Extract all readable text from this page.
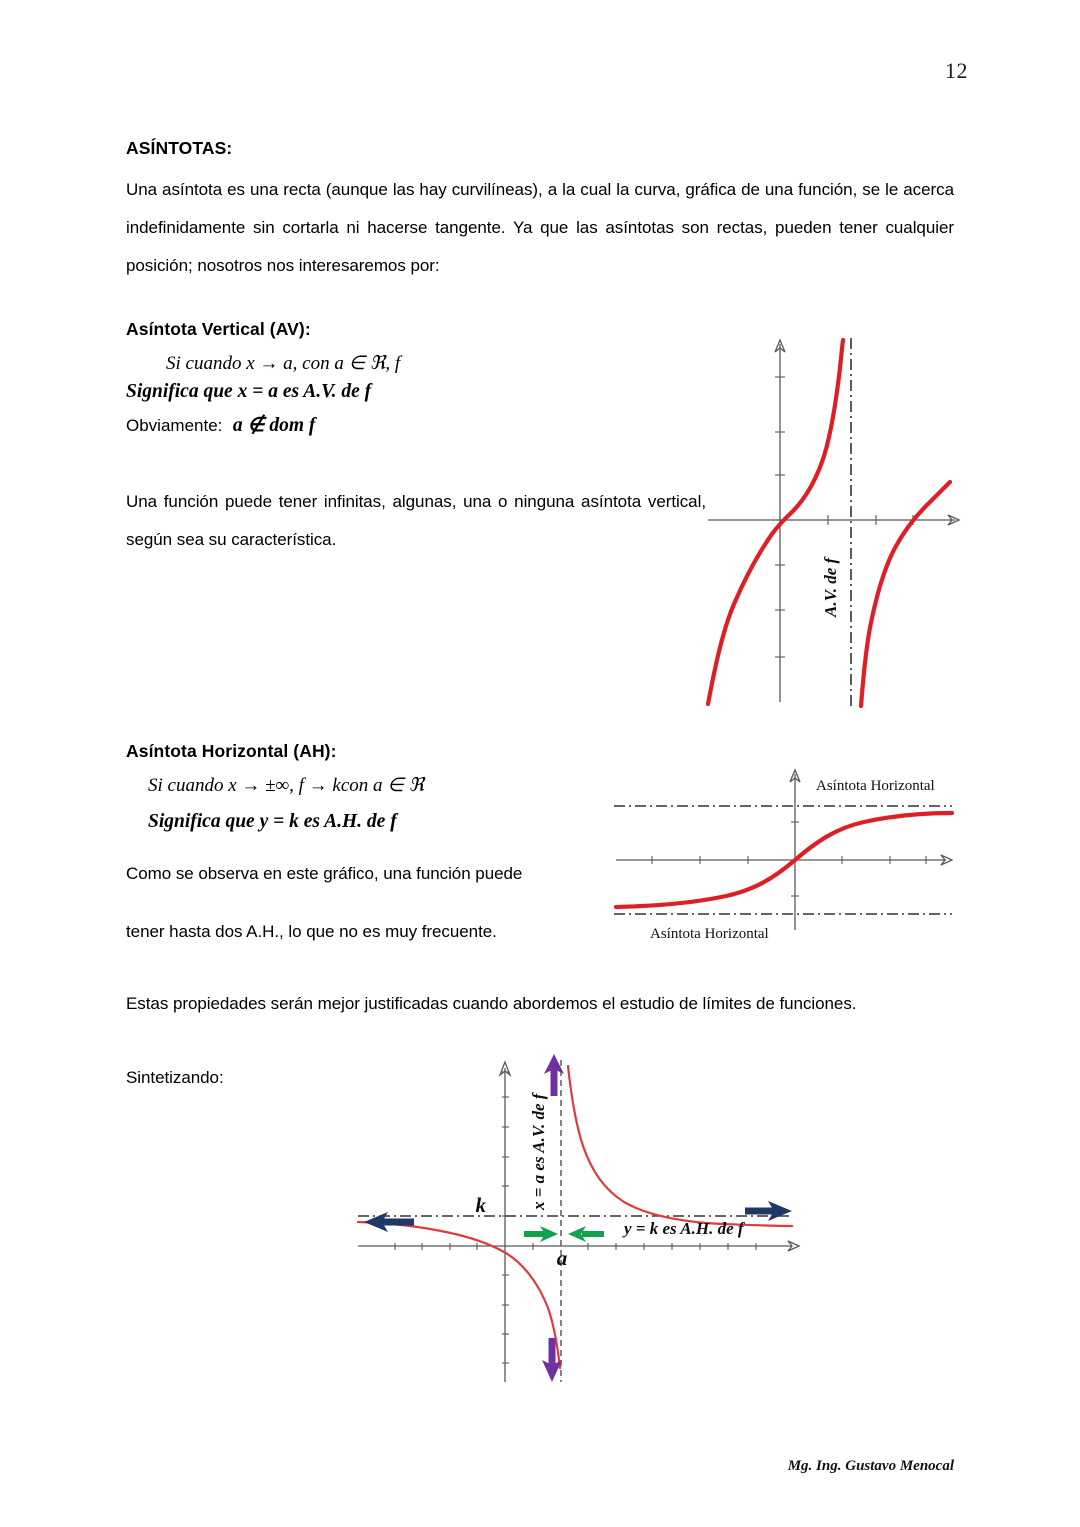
12
ASÍNTOTAS:

Una asíntota es una recta (aunque las hay curvilíneas), a la cual la curva, gráfica de una función, se le acerca indefinidamente sin cortarla ni hacerse tangente. Ya que las asíntotas son rectas, pueden tener cualquier posición; nosotros nos interesaremos por:

Asíntota Vertical (AV):
Si cuando x → a, con a ∈ ℜ, f
Significa que x = a es A.V. de f
Obviamente: a ∉ dom f

Una función puede tener infinitas, algunas, una o ninguna asíntota vertical, según sea su característica.

Asíntota Horizontal (AH):
Si cuando x → ±∞, f → kcon a ∈ ℜ
Significa que y = k es A.H. de f

Como se observa en este gráfico, una función puede

tener hasta dos A.H., lo que no es muy frecuente.

Estas propiedades serán mejor justificadas cuando abordemos el estudio de límites de funciones.

Sintetizando:

A.V. de f
Asíntota Horizontal
Asíntota Horizontal
k
a
x = a es A.V. de f
y = k es A.H. de f
Mg. Ing. Gustavo Menocal
